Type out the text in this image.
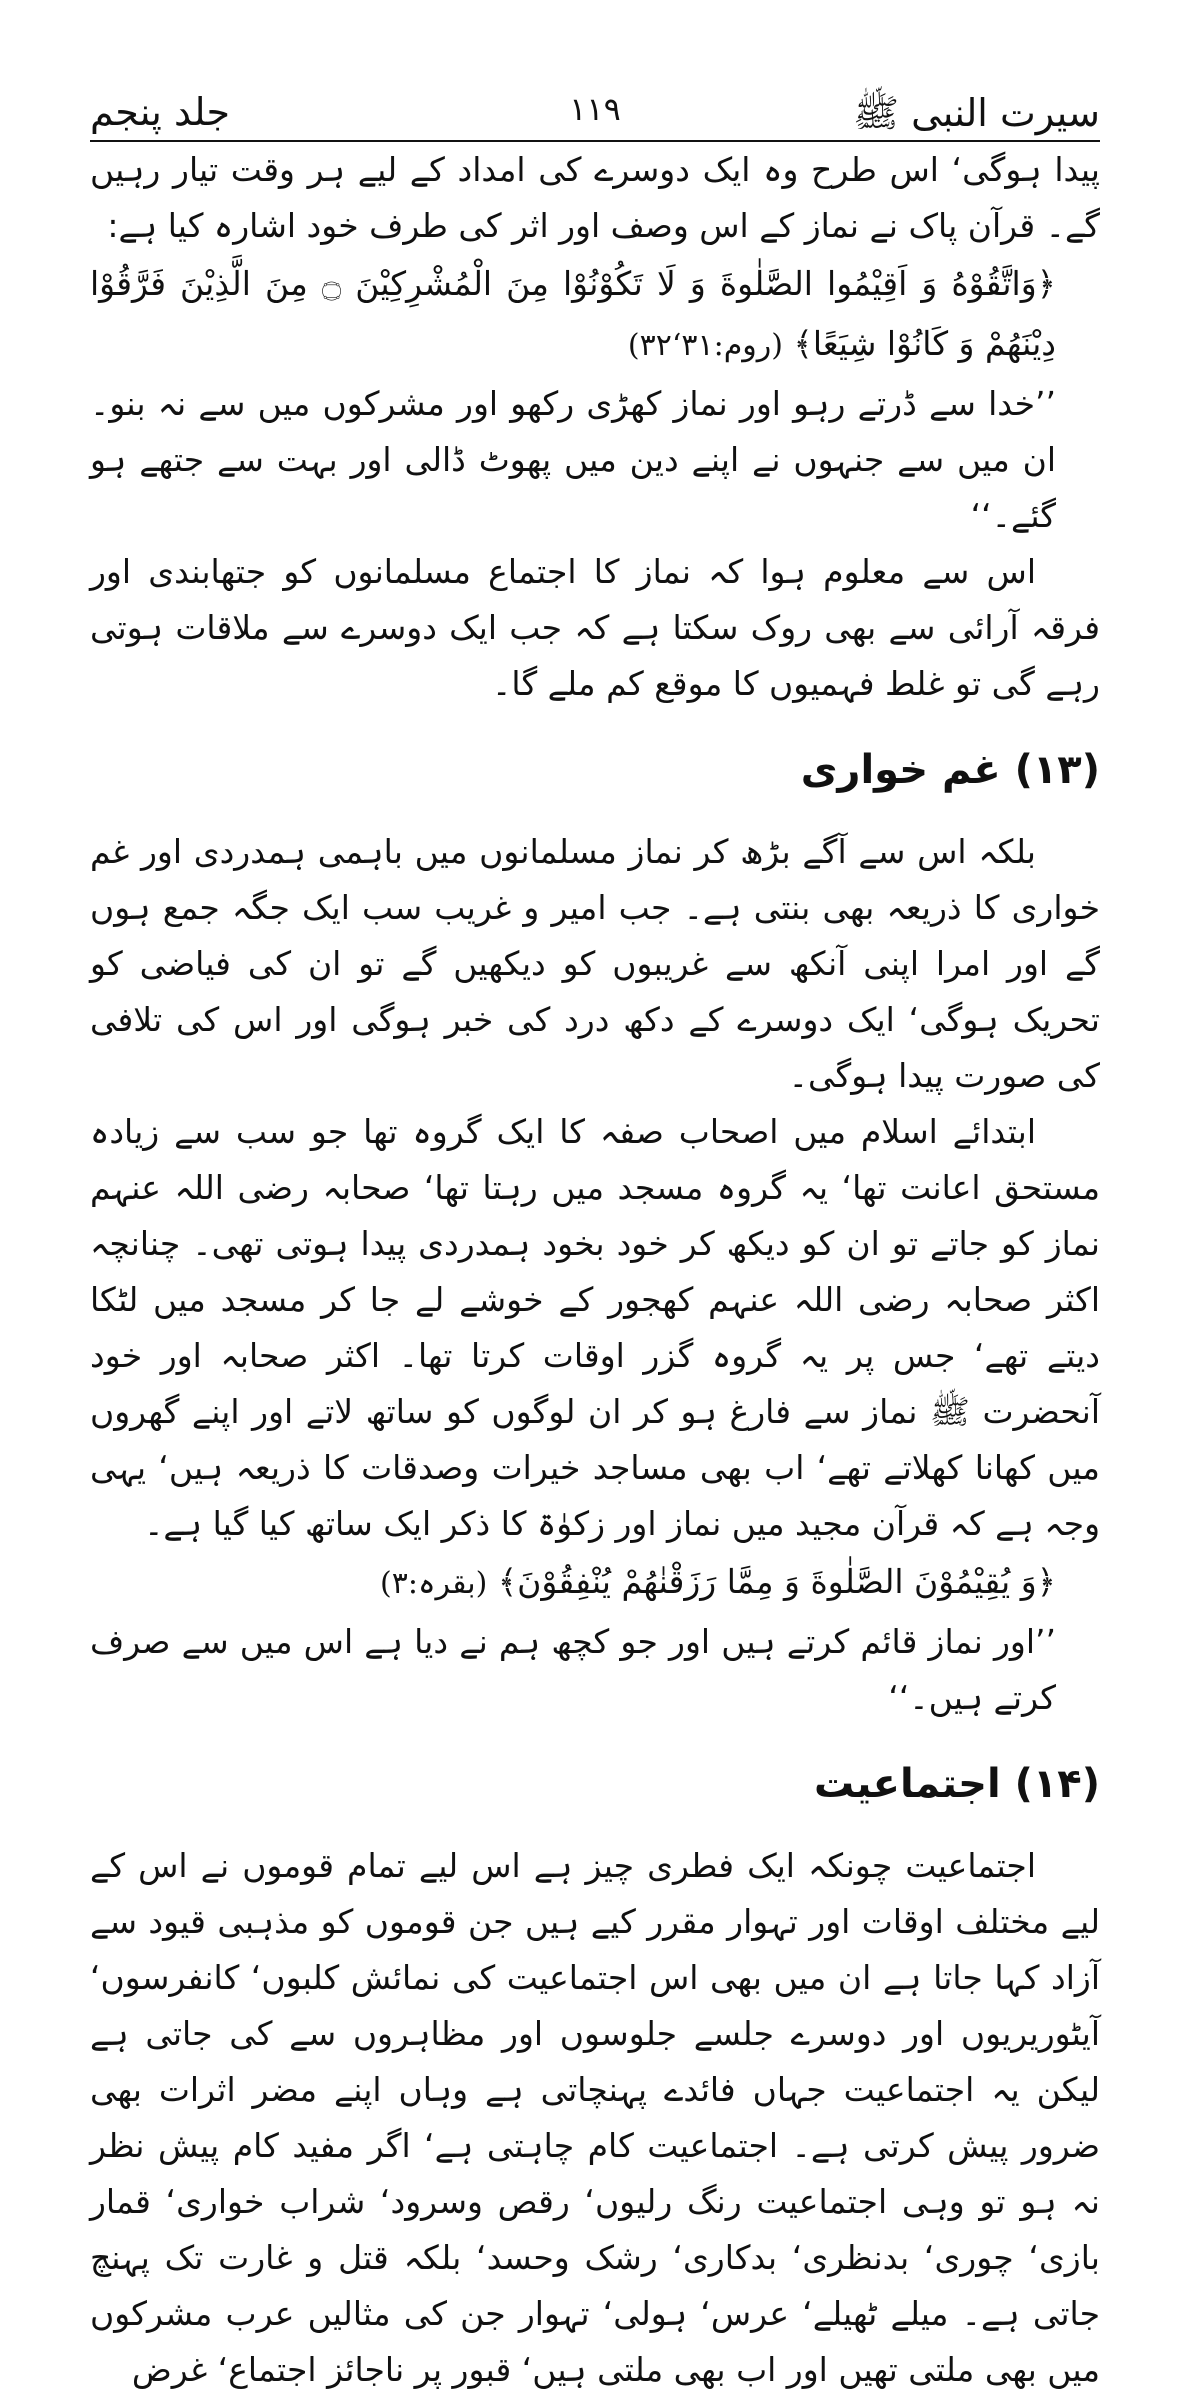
سیرت النبی ﷺ
۱۱۹
جلد پنجم

پیدا ہوگی‘ اس طرح وہ ایک دوسرے کی امداد کے لیے ہر وقت تیار رہیں گے۔ قرآن پاک نے نماز کے اس وصف اور اثر کی طرف خود اشارہ کیا ہے:

﴿وَاتَّقُوْهُ وَ اَقِيْمُوا الصَّلٰوةَ وَ لَا تَكُوْنُوْا مِنَ الْمُشْرِكِيْنَ ۝ مِنَ الَّذِيْنَ فَرَّقُوْا دِيْنَهُمْ وَ كَانُوْا شِيَعًا﴾ (روم:۳۱‘۳۲)

’’خدا سے ڈرتے رہو اور نماز کھڑی رکھو اور مشرکوں میں سے نہ بنو۔ ان میں سے جنہوں نے اپنے دین میں پھوٹ ڈالی اور بہت سے جتھے ہو گئے۔‘‘

اس سے معلوم ہوا کہ نماز کا اجتماع مسلمانوں کو جتھابندی اور فرقہ آرائی سے بھی روک سکتا ہے کہ جب ایک دوسرے سے ملاقات ہوتی رہے گی تو غلط فہمیوں کا موقع کم ملے گا۔

(۱۳) غم خواری

بلکہ اس سے آگے بڑھ کر نماز مسلمانوں میں باہمی ہمدردی اور غم خواری کا ذریعہ بھی بنتی ہے۔ جب امیر و غریب سب ایک جگہ جمع ہوں گے اور امرا اپنی آنکھ سے غریبوں کو دیکھیں گے تو ان کی فیاضی کو تحریک ہوگی‘ ایک دوسرے کے دکھ درد کی خبر ہوگی اور اس کی تلافی کی صورت پیدا ہوگی۔

ابتدائے اسلام میں اصحاب صفہ کا ایک گروہ تھا جو سب سے زیادہ مستحق اعانت تھا‘ یہ گروہ مسجد میں رہتا تھا‘ صحابہ رضی اللہ عنہم نماز کو جاتے تو ان کو دیکھ کر خود بخود ہمدردی پیدا ہوتی تھی۔ چنانچہ اکثر صحابہ رضی اللہ عنہم کھجور کے خوشے لے جا کر مسجد میں لٹکا دیتے تھے‘ جس پر یہ گروہ گزر اوقات کرتا تھا۔ اکثر صحابہ اور خود آنحضرت ﷺ نماز سے فارغ ہو کر ان لوگوں کو ساتھ لاتے اور اپنے گھروں میں کھانا کھلاتے تھے‘ اب بھی مساجد خیرات وصدقات کا ذریعہ ہیں‘ یہی وجہ ہے کہ قرآن مجید میں نماز اور زکوٰۃ کا ذکر ایک ساتھ کیا گیا ہے۔

﴿وَ يُقِيْمُوْنَ الصَّلٰوةَ وَ مِمَّا رَزَقْنٰهُمْ يُنْفِقُوْنَ﴾ (بقرہ:۳)

’’اور نماز قائم کرتے ہیں اور جو کچھ ہم نے دیا ہے اس میں سے صرف کرتے ہیں۔‘‘

(۱۴) اجتماعیت

اجتماعیت چونکہ ایک فطری چیز ہے اس لیے تمام قوموں نے اس کے لیے مختلف اوقات اور تہوار مقرر کیے ہیں جن قوموں کو مذہبی قیود سے آزاد کہا جاتا ہے ان میں بھی اس اجتماعیت کی نمائش کلبوں‘ کانفرسوں‘ آیٹوریریوں اور دوسرے جلسے جلوسوں اور مظاہروں سے کی جاتی ہے لیکن یہ اجتماعیت جہاں فائدے پہنچاتی ہے وہاں اپنے مضر اثرات بھی ضرور پیش کرتی ہے۔ اجتماعیت کام چاہتی ہے‘ اگر مفید کام پیش نظر نہ ہو تو وہی اجتماعیت رنگ رلیوں‘ رقص وسرود‘ شراب خواری‘ قمار بازی‘ چوری‘ بدنظری‘ بدکاری‘ رشک وحسد‘ بلکہ قتل و غارت تک پہنچ جاتی ہے۔ میلے ٹھیلے‘ عرس‘ ہولی‘ تہوار جن کی مثالیں عرب مشرکوں میں بھی ملتی تھیں اور اب بھی ملتی ہیں‘ قبور پر ناجائز اجتماع‘ غرض
